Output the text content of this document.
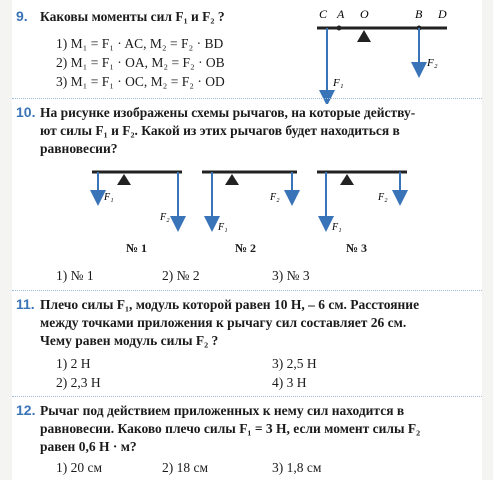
9. Каковы моменты сил F₁ и F₂ ?
1) M₁ = F₁ · AC, M₂ = F₂ · BD
2) M₁ = F₁ · OA, M₂ = F₂ · OB
3) M₁ = F₁ · OC, M₂ = F₂ · OD
C A O	B D
F₁
F₂
10. На рисунке изображены схемы рычагов, на которые действу-
ют силы F₁ и F₂. Какой из этих рычагов будет находиться в
равновесии?
F₁
F₂
F₁
F₂
F₁
F₂
№ 1	№ 2	№ 3
1) № 1	2) № 2	3) № 3
11. Плечо силы F₁, модуль которой равен 10 Н, – 6 см. Расстояние
между точками приложения к рычагу сил составляет 26 см.
Чему равен модуль силы F₂ ?
1) 2 Н	3) 2,5 Н
2) 2,3 Н	4) 3 Н
12. Рычаг под действием приложенных к нему сил находится в
равновесии. Каково плечо силы F₁ = 3 Н, если момент силы F₂
равен 0,6 Н · м?
1) 20 см	2) 18 см	3) 1,8 см
